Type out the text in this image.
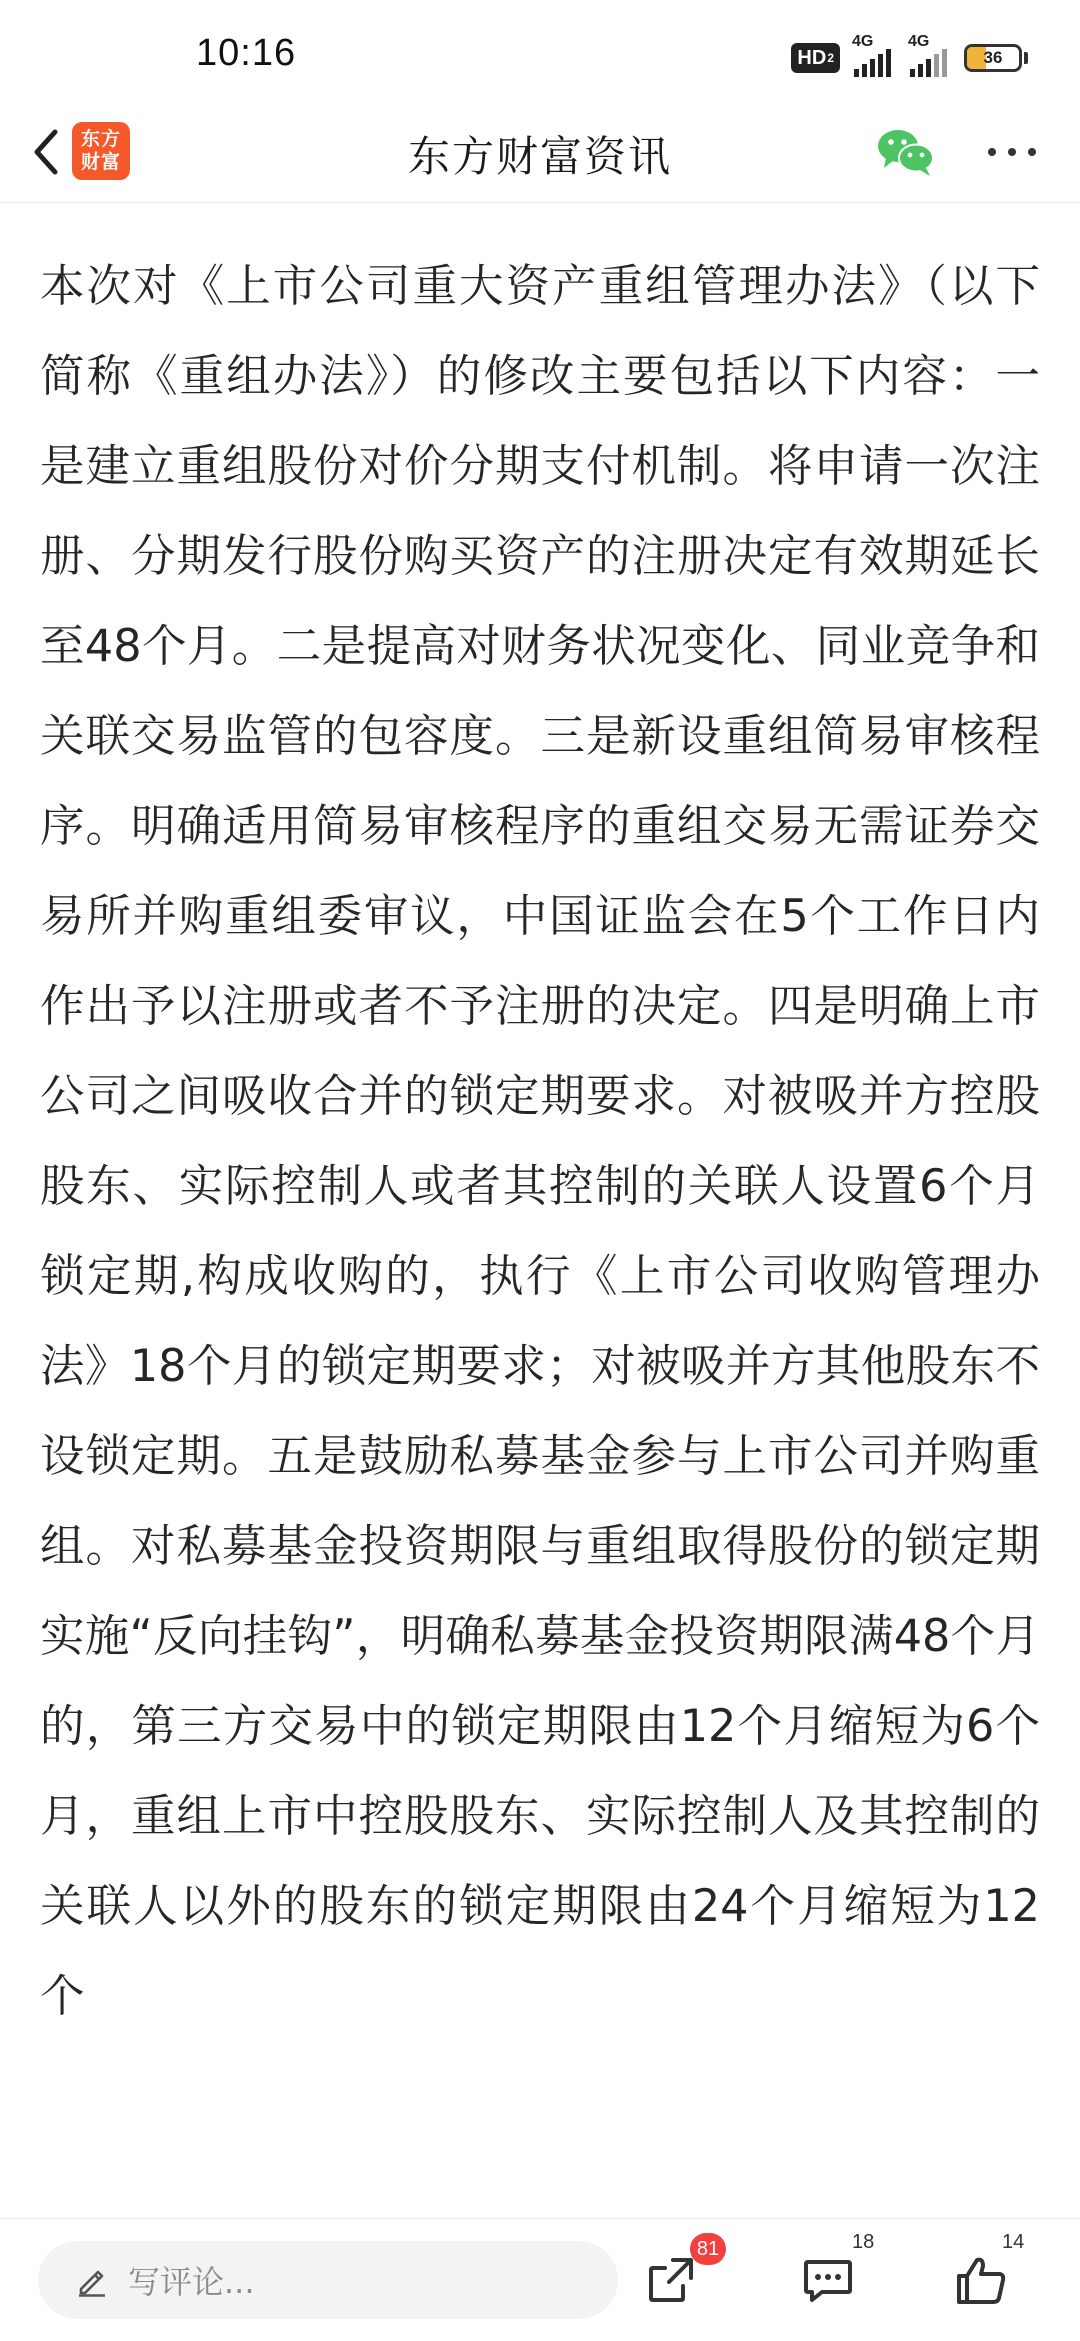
10:16	HD 2
4G 4G
36
东方
财富	东方财富资讯

本次对《上市公司重大资产重组管理办法》（以下简称《重组办法》）的修改主要包括以下内容：一是建立重组股份对价分期支付机制。将申请一次注册、分期发行股份购买资产的注册决定有效期延长至48个月。二是提高对财务状况变化、同业竞争和关联交易监管的包容度。三是新设重组简易审核程序。明确适用简易审核程序的重组交易无需证券交易所并购重组委审议，中国证监会在5个工作日内作出予以注册或者不予注册的决定。四是明确上市公司之间吸收合并的锁定期要求。对被吸并方控股股东、实际控制人或者其控制的关联人设置6个月锁定期,构成收购的，执行《上市公司收购管理办法》18个月的锁定期要求；对被吸并方其他股东不设锁定期。五是鼓励私募基金参与上市公司并购重组。对私募基金投资期限与重组取得股份的锁定期实施“反向挂钩”，明确私募基金投资期限满48个月的，第三方交易中的锁定期限由12个月缩短为6个月，重组上市中控股股东、实际控制人及其控制的关联人以外的股东的锁定期限由24个月缩短为12个

写评论...
81	18	14
